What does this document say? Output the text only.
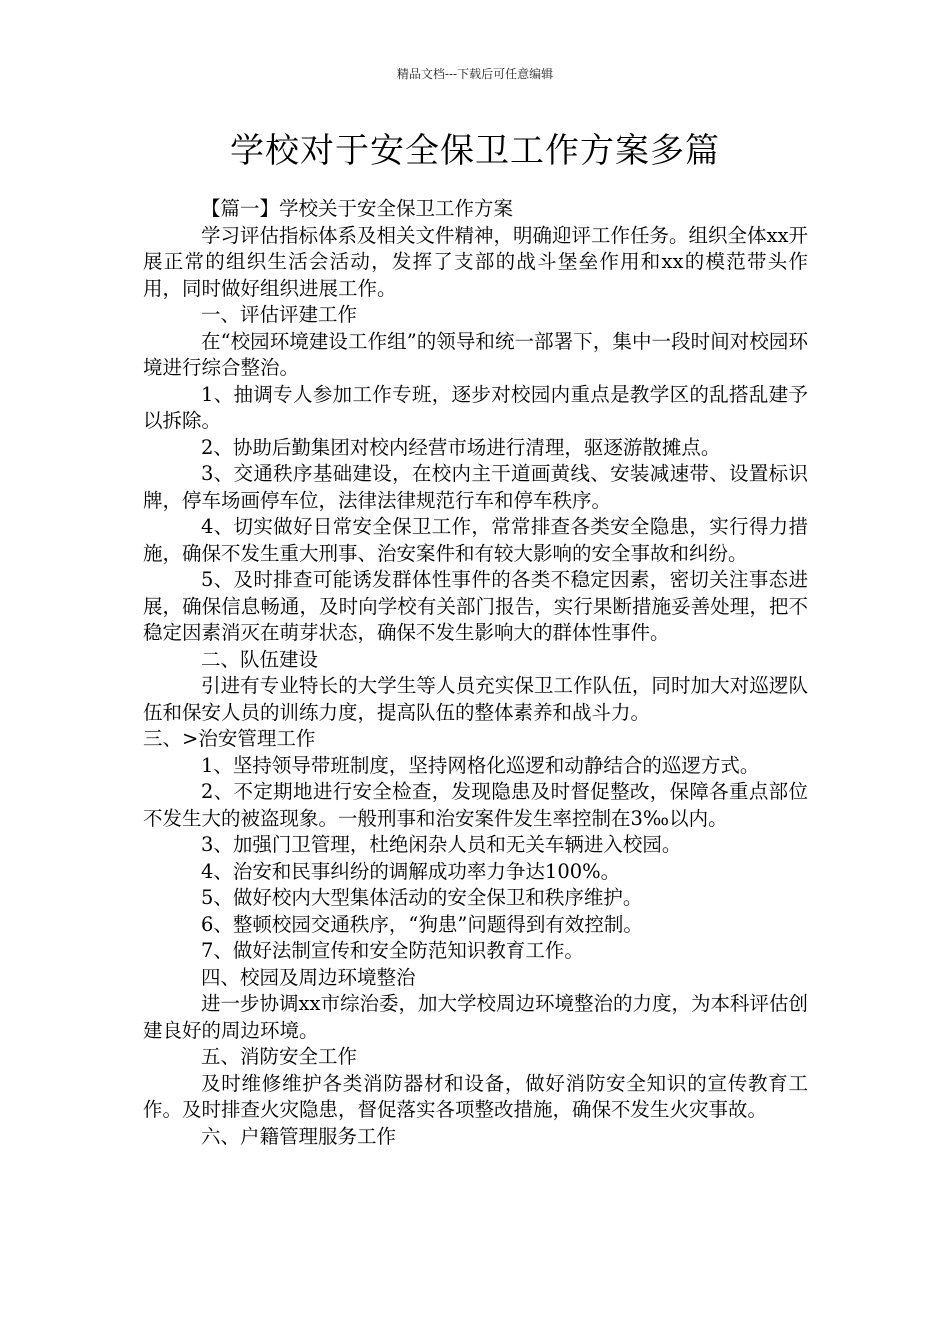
精品文档---下载后可任意编辑
学校对于安全保卫工作方案多篇

【篇一】学校关于安全保卫工作方案

学习评估指标体系及相关文件精神，明确迎评工作任务。组织全体xx开展正常的组织生活会活动，发挥了支部的战斗堡垒作用和xx的模范带头作用，同时做好组织进展工作。

一、评估评建工作

在“校园环境建设工作组”的领导和统一部署下，集中一段时间对校园环境进行综合整治。

1、抽调专人参加工作专班，逐步对校园内重点是教学区的乱搭乱建予以拆除。

2、协助后勤集团对校内经营市场进行清理，驱逐游散摊点。

3、交通秩序基础建设，在校内主干道画黄线、安装减速带、设置标识牌，停车场画停车位，法律法律规范行车和停车秩序。

4、切实做好日常安全保卫工作，常常排查各类安全隐患，实行得力措施，确保不发生重大刑事、治安案件和有较大影响的安全事故和纠纷。

5、及时排查可能诱发群体性事件的各类不稳定因素，密切关注事态进展，确保信息畅通，及时向学校有关部门报告，实行果断措施妥善处理，把不稳定因素消灭在萌芽状态，确保不发生影响大的群体性事件。

二、队伍建设

引进有专业特长的大学生等人员充实保卫工作队伍，同时加大对巡逻队伍和保安人员的训练力度，提高队伍的整体素养和战斗力。

三、>治安管理工作

1、坚持领导带班制度，坚持网格化巡逻和动静结合的巡逻方式。

2、不定期地进行安全检查，发现隐患及时督促整改，保障各重点部位不发生大的被盗现象。一般刑事和治安案件发生率控制在3‰以内。

3、加强门卫管理，杜绝闲杂人员和无关车辆进入校园。

4、治安和民事纠纷的调解成功率力争达100%。

5、做好校内大型集体活动的安全保卫和秩序维护。

6、整顿校园交通秩序，“狗患”问题得到有效控制。

7、做好法制宣传和安全防范知识教育工作。

四、校园及周边环境整治

进一步协调xx市综治委，加大学校周边环境整治的力度，为本科评估创建良好的周边环境。

五、消防安全工作

及时维修维护各类消防器材和设备，做好消防安全知识的宣传教育工作。及时排查火灾隐患，督促落实各项整改措施，确保不发生火灾事故。

六、户籍管理服务工作
